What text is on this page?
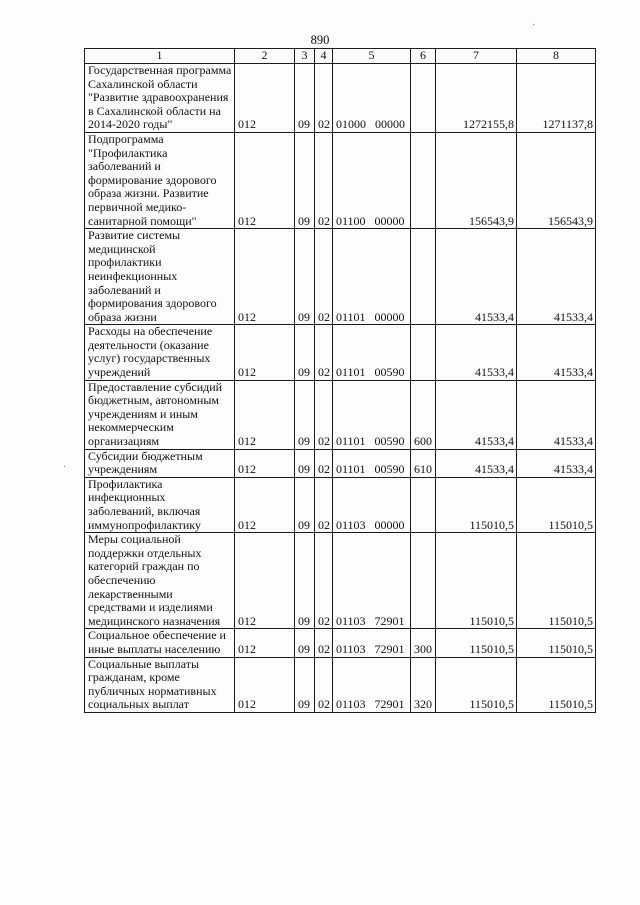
890
·
·
1	2	3	4	5	6	7	8
Государственная программа Сахалинской области "Развитие здравоохранения в Сахалинской области на 2014-2020 годы"	012	09	02	01000 00000		1272155,8	1271137,8
Подпрограмма "Профилактика заболеваний и формирование здорового образа жизни. Развитие первичной медико-санитарной помощи"	012	09	02	01100 00000		156543,9	156543,9
Развитие системы медицинской профилактики неинфекционных заболеваний и формирования здорового образа жизни	012	09	02	01101 00000		41533,4	41533,4
Расходы на обеспечение деятельности (оказание услуг) государственных учреждений	012	09	02	01101 00590		41533,4	41533,4
Предоставление субсидий бюджетным, автономным учреждениям и иным некоммерческим организациям	012	09	02	01101 00590	600	41533,4	41533,4
Субсидии бюджетным учреждениям	012	09	02	01101 00590	610	41533,4	41533,4
Профилактика инфекционных заболеваний, включая иммунопрофилактику	012	09	02	01103 00000		115010,5	115010,5
Меры социальной поддержки отдельных категорий граждан по обеспечению лекарственными средствами и изделиями медицинского назначения	012	09	02	01103 72901		115010,5	115010,5
Социальное обеспечение и иные выплаты населению	012	09	02	01103 72901	300	115010,5	115010,5
Социальные выплаты гражданам, кроме публичных нормативных социальных выплат	012	09	02	01103 72901	320	115010,5	115010,5
